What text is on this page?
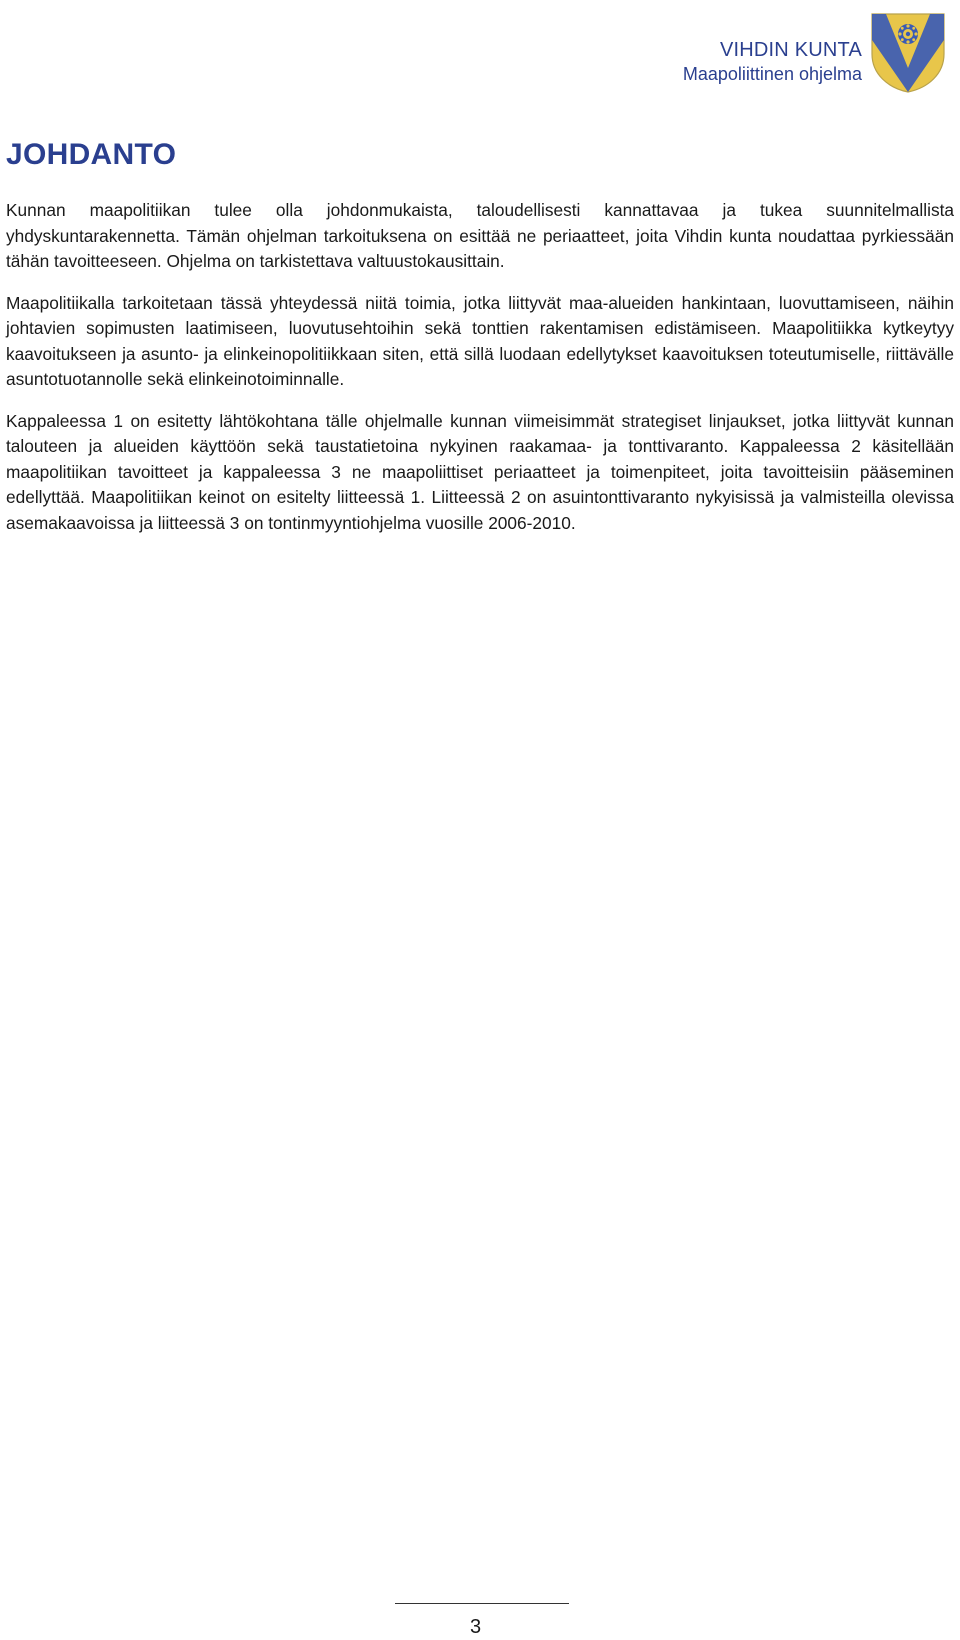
VIHDIN KUNTA
Maapoliittinen ohjelma
JOHDANTO

Kunnan maapolitiikan tulee olla johdonmukaista, taloudellisesti kannattavaa ja tukea suunnitelmallista yhdyskuntarakennetta. Tämän ohjelman tarkoituksena on esittää ne periaatteet, joita Vihdin kunta noudattaa pyrkiessään tähän tavoitteeseen. Ohjelma on tarkistettava valtuustokausittain.

Maapolitiikalla tarkoitetaan tässä yhteydessä niitä toimia, jotka liittyvät maa-alueiden hankintaan, luovuttamiseen, näihin johtavien sopimusten laatimiseen, luovutusehtoihin sekä tonttien rakentamisen edistämiseen. Maapolitiikka kytkeytyy kaavoitukseen ja asunto- ja elinkeinopolitiikkaan siten, että sillä luodaan edellytykset kaavoituksen toteutumiselle, riittävälle asuntotuotannolle sekä elinkeinotoiminnalle.

Kappaleessa 1 on esitetty lähtökohtana tälle ohjelmalle kunnan viimeisimmät strategiset linjaukset, jotka liittyvät kunnan talouteen ja alueiden käyttöön sekä taustatietoina nykyinen raakamaa- ja tonttivaranto. Kappaleessa 2 käsitellään maapolitiikan tavoitteet ja kappaleessa 3 ne maapoliittiset periaatteet ja toimenpiteet, joita tavoitteisiin pääseminen edellyttää. Maapolitiikan keinot on esitelty liitteessä 1. Liitteessä 2 on asuintonttivaranto nykyisissä ja valmisteilla olevissa asemakaavoissa ja liitteessä 3 on tontinmyyntiohjelma vuosille 2006-2010.

3
